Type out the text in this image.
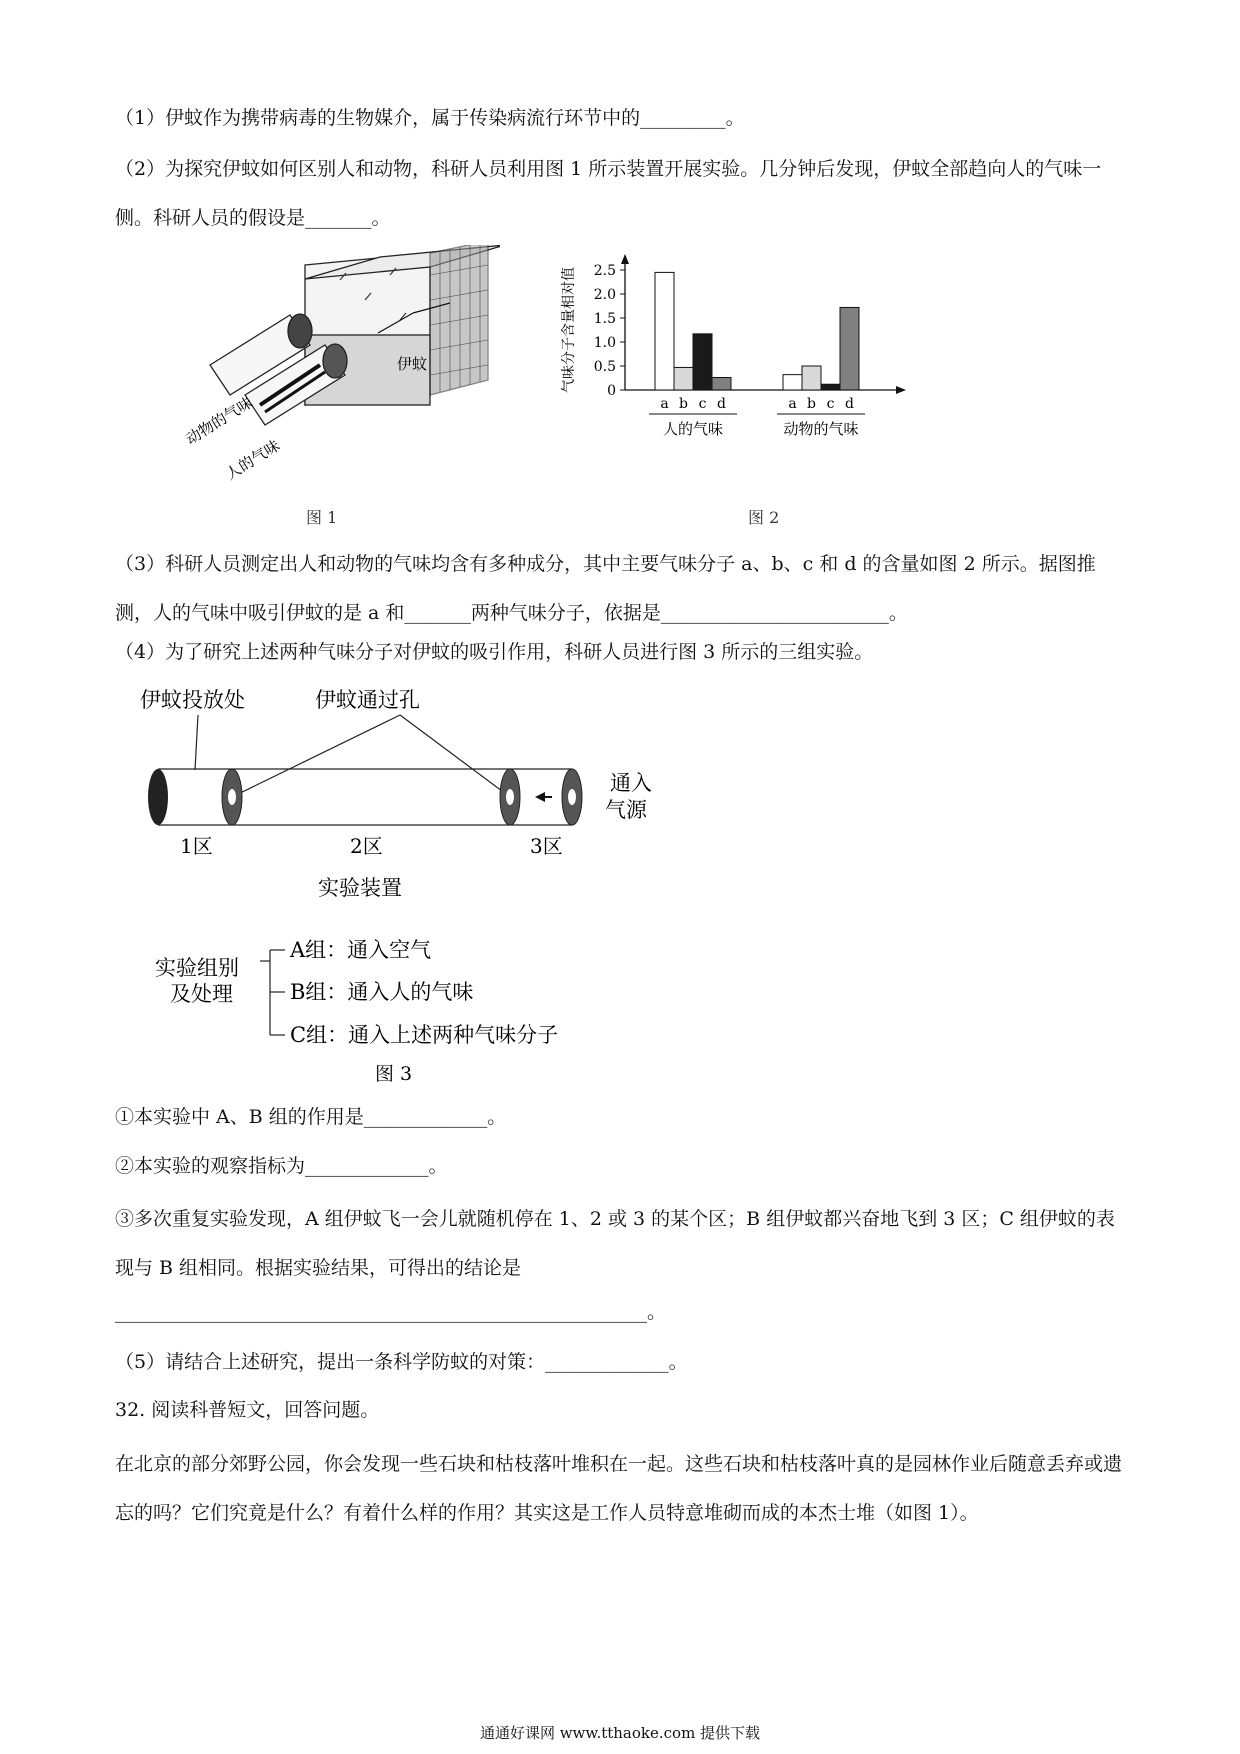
（1）伊蚊作为携带病毒的生物媒介，属于传染病流行环节中的_________。
（2）为探究伊蚊如何区别人和动物，科研人员利用图 1 所示装置开展实验。几分钟后发现，伊蚊全部趋向人的气味一侧。科研人员的假设是_______。
动物的气味
人的气味
伊蚊
图 1
0
0.5
1.0
1.5
2.0
2.5
气味分子含量相对值
a b c d
人的气味
a b c d
动物的气味
图 2
（3）科研人员测定出人和动物的气味均含有多种成分，其中主要气味分子 a、b、c 和 d 的含量如图 2 所示。据图推测，人的气味中吸引伊蚊的是 a 和_______两种气味分子，依据是________________________。
（4）为了研究上述两种气味分子对伊蚊的吸引作用，科研人员进行图 3 所示的三组实验。
伊蚊投放处	伊蚊通过孔
通入
气源
1区	2区	3区
实验装置
实验组别
及处理
A组：通入空气
B组：通入人的气味
C组：通入上述两种气味分子
图 3
①本实验中 A、B 组的作用是_____________。
②本实验的观察指标为_____________。
③多次重复实验发现，A 组伊蚊飞一会儿就随机停在 1、2 或 3 的某个区；B 组伊蚊都兴奋地飞到 3 区；C 组伊蚊的表现与 B 组相同。根据实验结果，可得出的结论是
________________________________________________________。
（5）请结合上述研究，提出一条科学防蚊的对策：_____________。
32. 阅读科普短文，回答问题。
在北京的部分郊野公园，你会发现一些石块和枯枝落叶堆积在一起。这些石块和枯枝落叶真的是园林作业后随意丢弃或遗忘的吗？它们究竟是什么？有着什么样的作用？其实这是工作人员特意堆砌而成的本杰士堆（如图 1）。
通通好课网 www.tthaoke.com 提供下载
